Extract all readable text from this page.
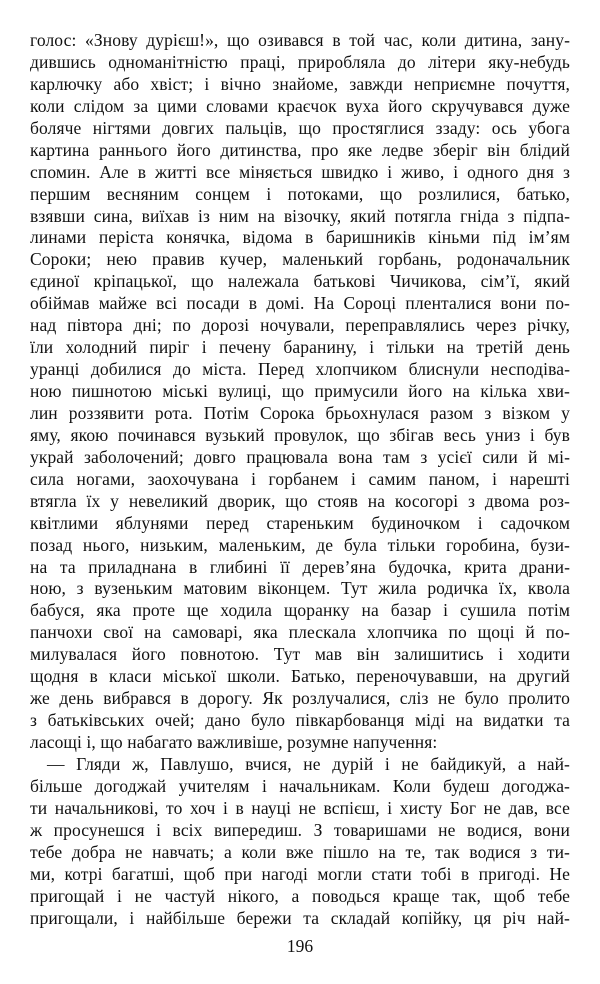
голос: «Знову дурієш!», що озивався в той час, коли дитина, зану-
дившись одноманітністю праці, приробляла до літери яку-небудь
карлючку або хвіст; і вічно знайоме, завжди неприємне почуття,
коли слідом за цими словами краєчок вуха його скручувався дуже
боляче нігтями довгих пальців, що простяглися ззаду: ось убога
картина раннього його дитинства, про яке ледве зберіг він блідий
спомин. Але в житті все міняється швидко і живо, і одного дня з
першим весняним сонцем і потоками, що розлилися, батько,
взявши сина, виїхав із ним на візочку, який потягла гніда з підпа-
линами періста конячка, відома в баришників кіньми під ім’ям
Сороки; нею правив кучер, маленький горбань, родоначальник
єдиної кріпацької, що належала батькові Чичикова, сім’ї, який
обіймав майже всі посади в домі. На Сороці пленталися вони по-
над півтора дні; по дорозі ночували, переправлялись через річку,
їли холодний пиріг і печену баранину, і тільки на третій день
уранці добилися до міста. Перед хлопчиком блиснули несподіва-
ною пишнотою міські вулиці, що примусили його на кілька хви-
лин роззявити рота. Потім Сорока брьохнулася разом з візком у
яму, якою починався вузький провулок, що збігав весь униз і був
украй заболочений; довго працювала вона там з усієї сили й мі-
сила ногами, заохочувана і горбанем і самим паном, і нарешті
втягла їх у невеликий дворик, що стояв на косогорі з двома роз-
квітлими яблунями перед стареньким будиночком і садочком
позад нього, низьким, маленьким, де була тільки горобина, бузи-
на та приладнана в глибині її дерев’яна будочка, крита драни-
ною, з вузеньким матовим віконцем. Тут жила родичка їх, квола
бабуся, яка проте ще ходила щоранку на базар і сушила потім
панчохи свої на самоварі, яка плескала хлопчика по щоці й по-
милувалася його повнотою. Тут мав він залишитись і ходити
щодня в класи міської школи. Батько, переночувавши, на другий
же день вибрався в дорогу. Як розлучалися, сліз не було пролито
з батьківських очей; дано було півкарбованця міді на видатки та
ласощі і, що набагато важливіше, розумне напучення:
— Гляди ж, Павлушо, вчися, не дурій і не байдикуй, а най-
більше догоджай учителям і начальникам. Коли будеш догоджа-
ти начальникові, то хоч і в науці не вспієш, і хисту Бог не дав, все
ж просунешся і всіх випередиш. З товаришами не водися, вони
тебе добра не навчать; а коли вже пішло на те, так водися з ти-
ми, котрі багатші, щоб при нагоді могли стати тобі в пригоді. Не
пригощай і не частуй нікого, а поводься краще так, щоб тебе
пригощали, і найбільше бережи та складай копійку, ця річ най-
196
